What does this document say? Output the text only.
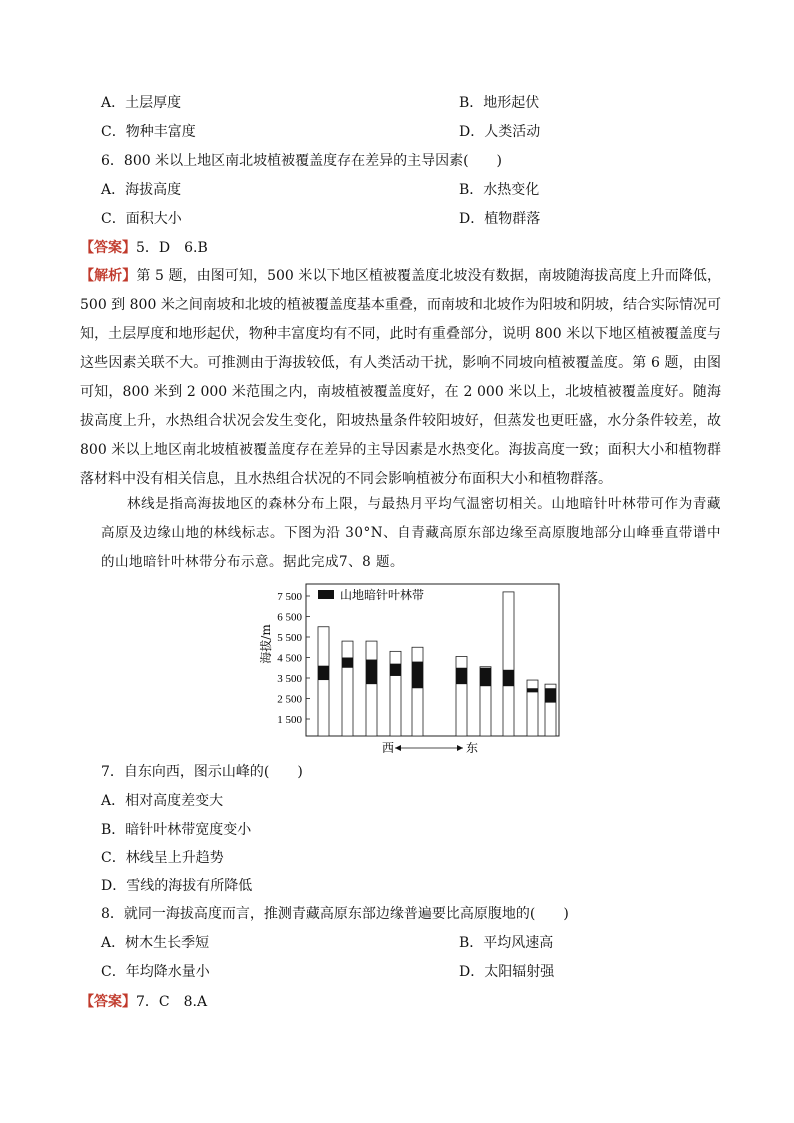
A．土层厚度	B．地形起伏
C．物种丰富度	D．人类活动
6．800 米以上地区南北坡植被覆盖度存在差异的主导因素(　　)
A．海拔高度	B．水热变化
C．面积大小	D．植物群落
【答案】5．D　6.B
【解析】第 5 题，由图可知，500 米以下地区植被覆盖度北坡没有数据，南坡随海拔高度上升而降低，500 到 800 米之间南坡和北坡的植被覆盖度基本重叠，而南坡和北坡作为阳坡和阴坡，结合实际情况可知，土层厚度和地形起伏，物种丰富度均有不同，此时有重叠部分，说明 800 米以下地区植被覆盖度与这些因素关联不大。可推测由于海拔较低，有人类活动干扰，影响不同坡向植被覆盖度。第 6 题，由图可知，800 米到 2 000 米范围之内，南坡植被覆盖度好，在 2 000 米以上，北坡植被覆盖度好。随海拔高度上升，水热组合状况会发生变化，阳坡热量条件较阳坡好，但蒸发也更旺盛，水分条件较差，故 800 米以上地区南北坡植被覆盖度存在差异的主导因素是水热变化。海拔高度一致；面积大小和植物群落材料中没有相关信息，且水热组合状况的不同会影响植被分布面积大小和植物群落。
林线是指高海拔地区的森林分布上限，与最热月平均气温密切相关。山地暗针叶林带可作为青藏高原及边缘山地的林线标志。下图为沿 30°N、自青藏高原东部边缘至高原腹地部分山峰垂直带谱中的山地暗针叶林带分布示意。据此完成7、8 题。
山地暗针叶林带
海拔/m
7 500
6 500
5 500
4 500
3 500
2 500
1 500
西	东
7．自东向西，图示山峰的(　　)
A．相对高度差变大
B．暗针叶林带宽度变小
C．林线呈上升趋势
D．雪线的海拔有所降低
8．就同一海拔高度而言，推测青藏高原东部边缘普遍要比高原腹地的(　　)
A．树木生长季短	B．平均风速高
C．年均降水量小	D．太阳辐射强
【答案】7．C　8.A
